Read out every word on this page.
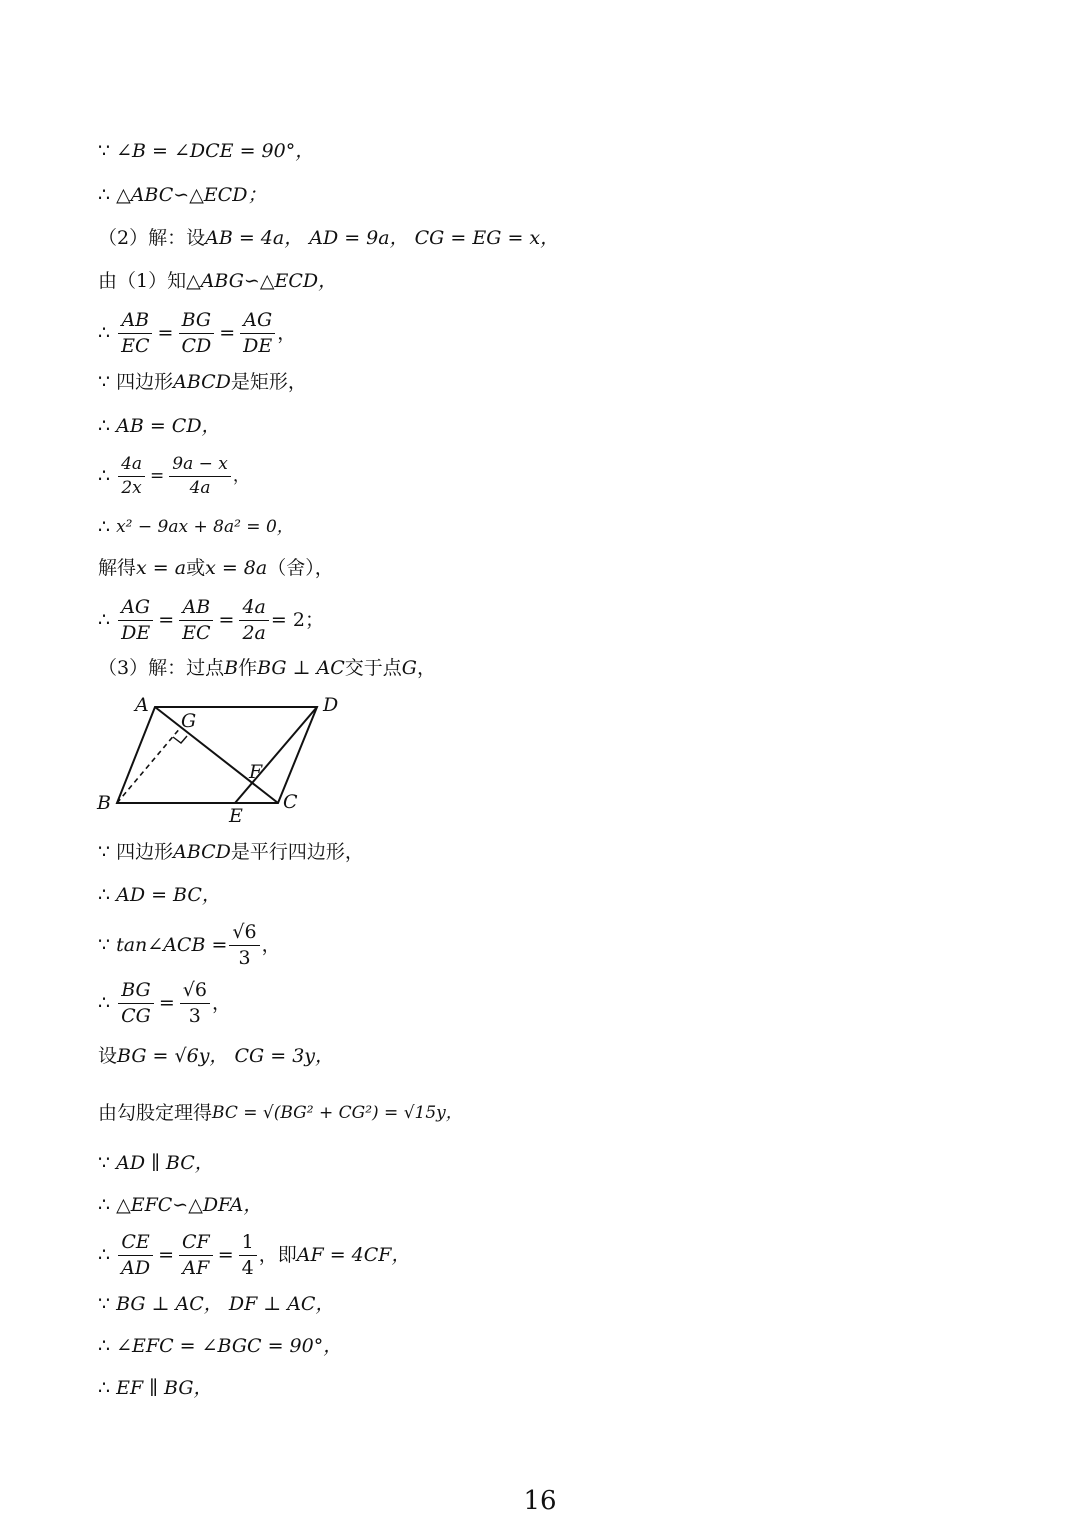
∵ ∠B = ∠DCE = 90°，
∴ △ABC∽△ECD；
（2）解：设 AB = 4a， AD = 9a， CG = EG = x，
由（1）知 △ABG∽△ECD，
∴ $\frac{AB}{EC} = \frac{BG}{CD} = \frac{AG}{DE}$ ，
∵ 四边形 ABCD 是矩形，
∴ AB = CD，
∴ $\frac{4a}{2x} = \frac{9a - x}{4a}$ ，
∴ x² − 9ax + 8a² = 0，
解得 x = a 或 x = 8a （舍），
∴ $\frac{AG}{DE} = \frac{AB}{EC} = \frac{4a}{2a} = 2$；
（3）解：过点 B 作 BG ⊥ AC 交于点 G ，
A	D
G
F
B	C
E
∵ 四边形 ABCD 是平行四边形，
∴ AD = BC，
∵ tan∠ACB = $\frac{√6}{3}$ ，
∴ $\frac{BG}{CG} = \frac{√6}{3}$ ，
设 BG = √6y， CG = 3y，
由勾股定理得 BC = √(BG² + CG²) = √15y，
∵ AD ∥ BC，
∴ △EFC∽△DFA，
∴ $\frac{CE}{AD} = \frac{CF}{AF} = \frac{1}{4}$ ，即 AF = 4CF，
∵ BG ⊥ AC， DF ⊥ AC，
∴ ∠EFC = ∠BGC = 90°，
∴ EF ∥ BG，
16
